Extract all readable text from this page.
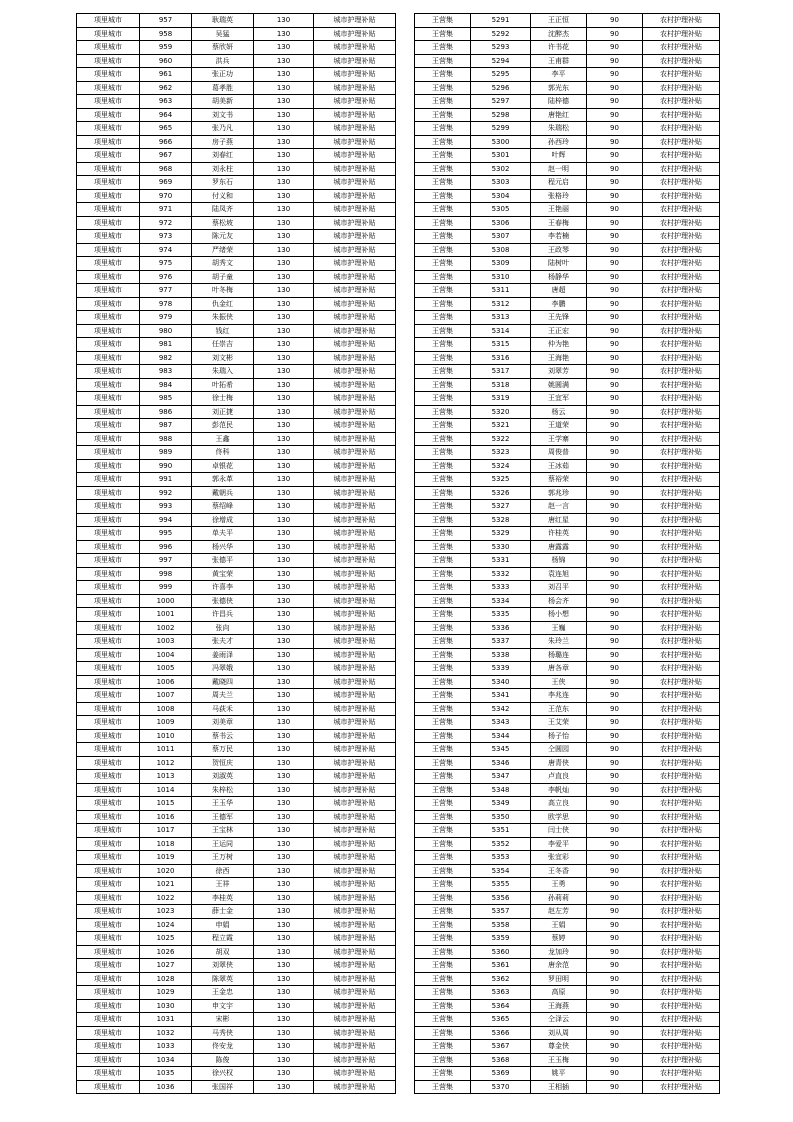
项里城市	957	耿瑞英	130	城市护理补贴
项里城市	958	吴猛	130	城市护理补贴
项里城市	959	蔡欣妍	130	城市护理补贴
项里城市	960	洪兵	130	城市护理补贴
项里城市	961	张正功	130	城市护理补贴
项里城市	962	葛孝胜	130	城市护理补贴
项里城市	963	胡美新	130	城市护理补贴
项里城市	964	刘文书	130	城市护理补贴
项里城市	965	张乃凡	130	城市护理补贴
项里城市	966	房子燕	130	城市护理补贴
项里城市	967	刘春红	130	城市护理补贴
项里城市	968	刘永柱	130	城市护理补贴
项里城市	969	罗东石	130	城市护理补贴
项里城市	970	付义和	130	城市护理补贴
项里城市	971	陆凤齐	130	城市护理补贴
项里城市	972	蔡松坡	130	城市护理补贴
项里城市	973	陈元友	130	城市护理补贴
项里城市	974	严绪荣	130	城市护理补贴
项里城市	975	胡秀文	130	城市护理补贴
项里城市	976	胡子童	130	城市护理补贴
项里城市	977	叶冬梅	130	城市护理补贴
项里城市	978	仇金红	130	城市护理补贴
项里城市	979	朱振侠	130	城市护理补贴
项里城市	980	钱红	130	城市护理补贴
项里城市	981	任崇吉	130	城市护理补贴
项里城市	982	刘文彬	130	城市护理补贴
项里城市	983	朱瑞入	130	城市护理补贴
项里城市	984	叶拓希	130	城市护理补贴
项里城市	985	徐士梅	130	城市护理补贴
项里城市	986	刘正捷	130	城市护理补贴
项里城市	987	彭范民	130	城市护理补贴
项里城市	988	王鑫	130	城市护理补贴
项里城市	989	佟科	130	城市护理补贴
项里城市	990	卓银花	130	城市护理补贴
项里城市	991	郭永革	130	城市护理补贴
项里城市	992	戴朝兵	130	城市护理补贴
项里城市	993	蔡绍峰	130	城市护理补贴
项里城市	994	徐增成	130	城市护理补贴
项里城市	995	单夫平	130	城市护理补贴
项里城市	996	杨兴华	130	城市护理补贴
项里城市	997	张德平	130	城市护理补贴
项里城市	998	黄宝荣	130	城市护理补贴
项里城市	999	许喜李	130	城市护理补贴
项里城市	1000	张德侠	130	城市护理补贴
项里城市	1001	许昌兵	130	城市护理补贴
项里城市	1002	张向	130	城市护理补贴
项里城市	1003	张夫才	130	城市护理补贴
项里城市	1004	姜雨泽	130	城市护理补贴
项里城市	1005	冯翠娥	130	城市护理补贴
项里城市	1006	戴晓四	130	城市护理补贴
项里城市	1007	周夫兰	130	城市护理补贴
项里城市	1008	马荻禾	130	城市护理补贴
项里城市	1009	刘美章	130	城市护理补贴
项里城市	1010	蔡书云	130	城市护理补贴
项里城市	1011	蔡万民	130	城市护理补贴
项里城市	1012	贺恒庆	130	城市护理补贴
项里城市	1013	刘淑英	130	城市护理补贴
项里城市	1014	朱梓松	130	城市护理补贴
项里城市	1015	王玉华	130	城市护理补贴
项里城市	1016	王德军	130	城市护理补贴
项里城市	1017	王宝林	130	城市护理补贴
项里城市	1018	王运同	130	城市护理补贴
项里城市	1019	王万树	130	城市护理补贴
项里城市	1020	徐西	130	城市护理补贴
项里城市	1021	王祥	130	城市护理补贴
项里城市	1022	李桂英	130	城市护理补贴
项里城市	1023	薛士金	130	城市护理补贴
项里城市	1024	申娟	130	城市护理补贴
项里城市	1025	程立霞	130	城市护理补贴
项里城市	1026	胡双	130	城市护理补贴
项里城市	1027	刘翠侠	130	城市护理补贴
项里城市	1028	陈翠英	130	城市护理补贴
项里城市	1029	王金忠	130	城市护理补贴
项里城市	1030	申文宇	130	城市护理补贴
项里城市	1031	宋彬	130	城市护理补贴
项里城市	1032	马秀侠	130	城市护理补贴
项里城市	1033	佟安龙	130	城市护理补贴
项里城市	1034	陈俊	130	城市护理补贴
项里城市	1035	徐兴权	130	城市护理补贴
项里城市	1036	张国祥	130	城市护理补贴
王营集	5291	王正恒	90	农村护理补贴
王营集	5292	沈醉杰	90	农村护理补贴
王营集	5293	许书花	90	农村护理补贴
王营集	5294	王甫群	90	农村护理补贴
王营集	5295	李平	90	农村护理补贴
王营集	5296	郭光东	90	农村护理补贴
王营集	5297	陆梓德	90	农村护理补贴
王营集	5298	唐艳红	90	农村护理补贴
王营集	5299	朱瑞松	90	农村护理补贴
王营集	5300	孙西玲	90	农村护理补贴
王营集	5301	叶辉	90	农村护理补贴
王营集	5302	赵一明	90	农村护理补贴
王营集	5303	程元启	90	农村护理补贴
王营集	5304	张格玲	90	农村护理补贴
王营集	5305	王艳丽	90	农村护理补贴
王营集	5306	王春梅	90	农村护理补贴
王营集	5307	李若楠	90	农村护理补贴
王营集	5308	王政琴	90	农村护理补贴
王营集	5309	陆树叶	90	农村护理补贴
王营集	5310	杨静华	90	农村护理补贴
王营集	5311	唐超	90	农村护理补贴
王营集	5312	李鹏	90	农村护理补贴
王营集	5313	王先锋	90	农村护理补贴
王营集	5314	王正宏	90	农村护理补贴
王营集	5315	仲为艳	90	农村护理补贴
王营集	5316	王海艳	90	农村护理补贴
王营集	5317	刘翠芳	90	农村护理补贴
王营集	5318	姚圆满	90	农村护理补贴
王营集	5319	王宜军	90	农村护理补贴
王营集	5320	杨云	90	农村护理补贴
王营集	5321	王道荣	90	农村护理补贴
王营集	5322	王学寨	90	农村护理补贴
王营集	5323	周俊普	90	农村护理补贴
王营集	5324	王冰茹	90	农村护理补贴
王营集	5325	蔡裕荣	90	农村护理补贴
王营集	5326	郭兆珍	90	农村护理补贴
王营集	5327	赵一言	90	农村护理补贴
王营集	5328	唐红星	90	农村护理补贴
王营集	5329	许桂英	90	农村护理补贴
王营集	5330	唐露露	90	农村护理补贴
王营集	5331	杨锦	90	农村护理补贴
王营集	5332	袁连旭	90	农村护理补贴
王营集	5333	刘召平	90	农村护理补贴
王营集	5334	杨会齐	90	农村护理补贴
王营集	5335	杨小想	90	农村护理补贴
王营集	5336	王巍	90	农村护理补贴
王营集	5337	朱玲兰	90	农村护理补贴
王营集	5338	杨璐连	90	农村护理补贴
王营集	5339	唐各章	90	农村护理补贴
王营集	5340	王侠	90	农村护理补贴
王营集	5341	李兆连	90	农村护理补贴
王营集	5342	王范东	90	农村护理补贴
王营集	5343	王艾荣	90	农村护理补贴
王营集	5344	杨子怡	90	农村护理补贴
王营集	5345	仝圆园	90	农村护理补贴
王营集	5346	唐青侠	90	农村护理补贴
王营集	5347	卢直良	90	农村护理补贴
王营集	5348	李帆灿	90	农村护理补贴
王营集	5349	高立良	90	农村护理补贴
王营集	5350	欧学思	90	农村护理补贴
王营集	5351	闫士侠	90	农村护理补贴
王营集	5352	李爱平	90	农村护理补贴
王营集	5353	张宜彩	90	农村护理补贴
王营集	5354	王冬香	90	农村护理补贴
王营集	5355	王勇	90	农村护理补贴
王营集	5356	孙莉莉	90	农村护理补贴
王营集	5357	赵左芳	90	农村护理补贴
王营集	5358	王娟	90	农村护理补贴
王营集	5359	蔡婷	90	农村护理补贴
王营集	5360	龙加玲	90	农村护理补贴
王营集	5361	唐余范	90	农村护理补贴
王营集	5362	罗田明	90	农村护理补贴
王营集	5363	高原	90	农村护理补贴
王营集	5364	王海燕	90	农村护理补贴
王营集	5365	仝泽云	90	农村护理补贴
王营集	5366	刘从周	90	农村护理补贴
王营集	5367	尊金侠	90	农村护理补贴
王营集	5368	王玉梅	90	农村护理补贴
王营集	5369	姚平	90	农村护理补贴
王营集	5370	王相插	90	农村护理补贴
